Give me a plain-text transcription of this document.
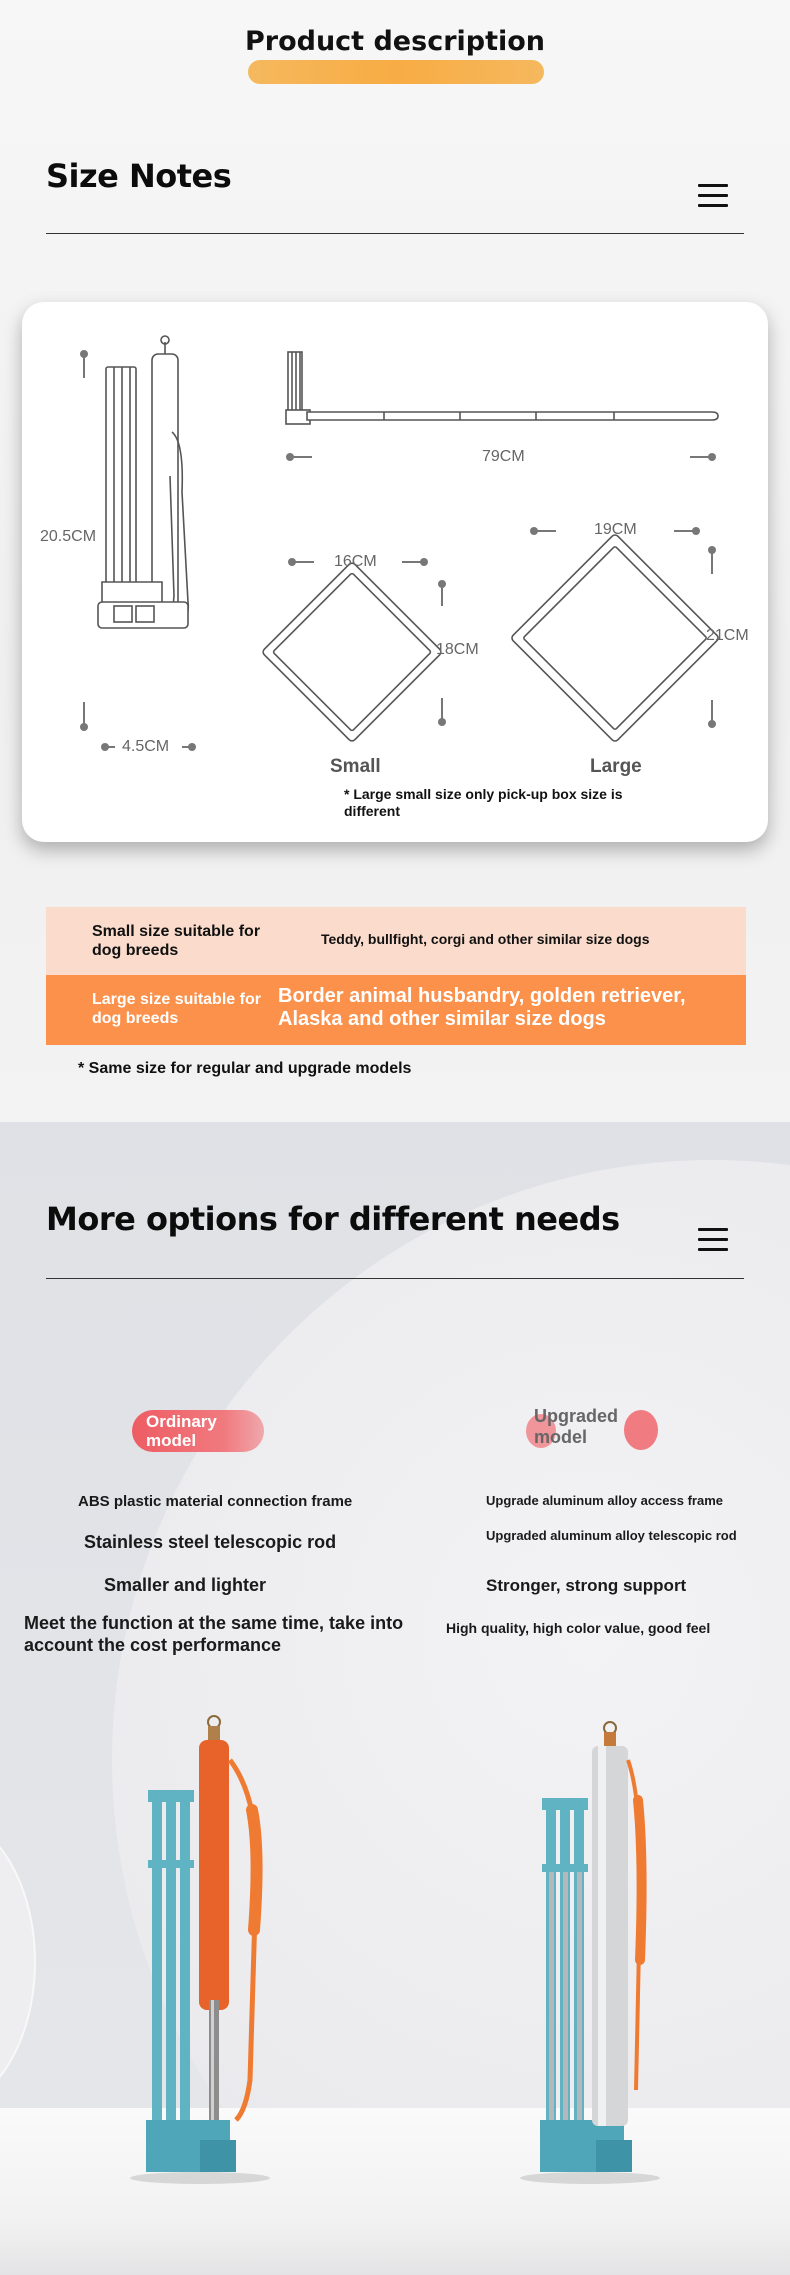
Product description
Size Notes
20.5CM
4.5CM
79CM
16CM
18CM
19CM
21CM
Small	Large
* Large small size only pick-up box size is different
Small size suitable for dog breeds
Teddy, bullfight, corgi and other similar size dogs
Large size suitable for dog breeds
Border animal husbandry, golden retriever, Alaska and other similar size dogs
* Same size for regular and upgrade models
More options for different needs
Ordinary model
Upgraded model
ABS plastic material connection frame
Stainless steel telescopic rod
Smaller and lighter
Meet the function at the same time, take into account the cost performance
Upgrade aluminum alloy access frame
Upgraded aluminum alloy telescopic rod
Stronger, strong support
High quality, high color value, good feel
